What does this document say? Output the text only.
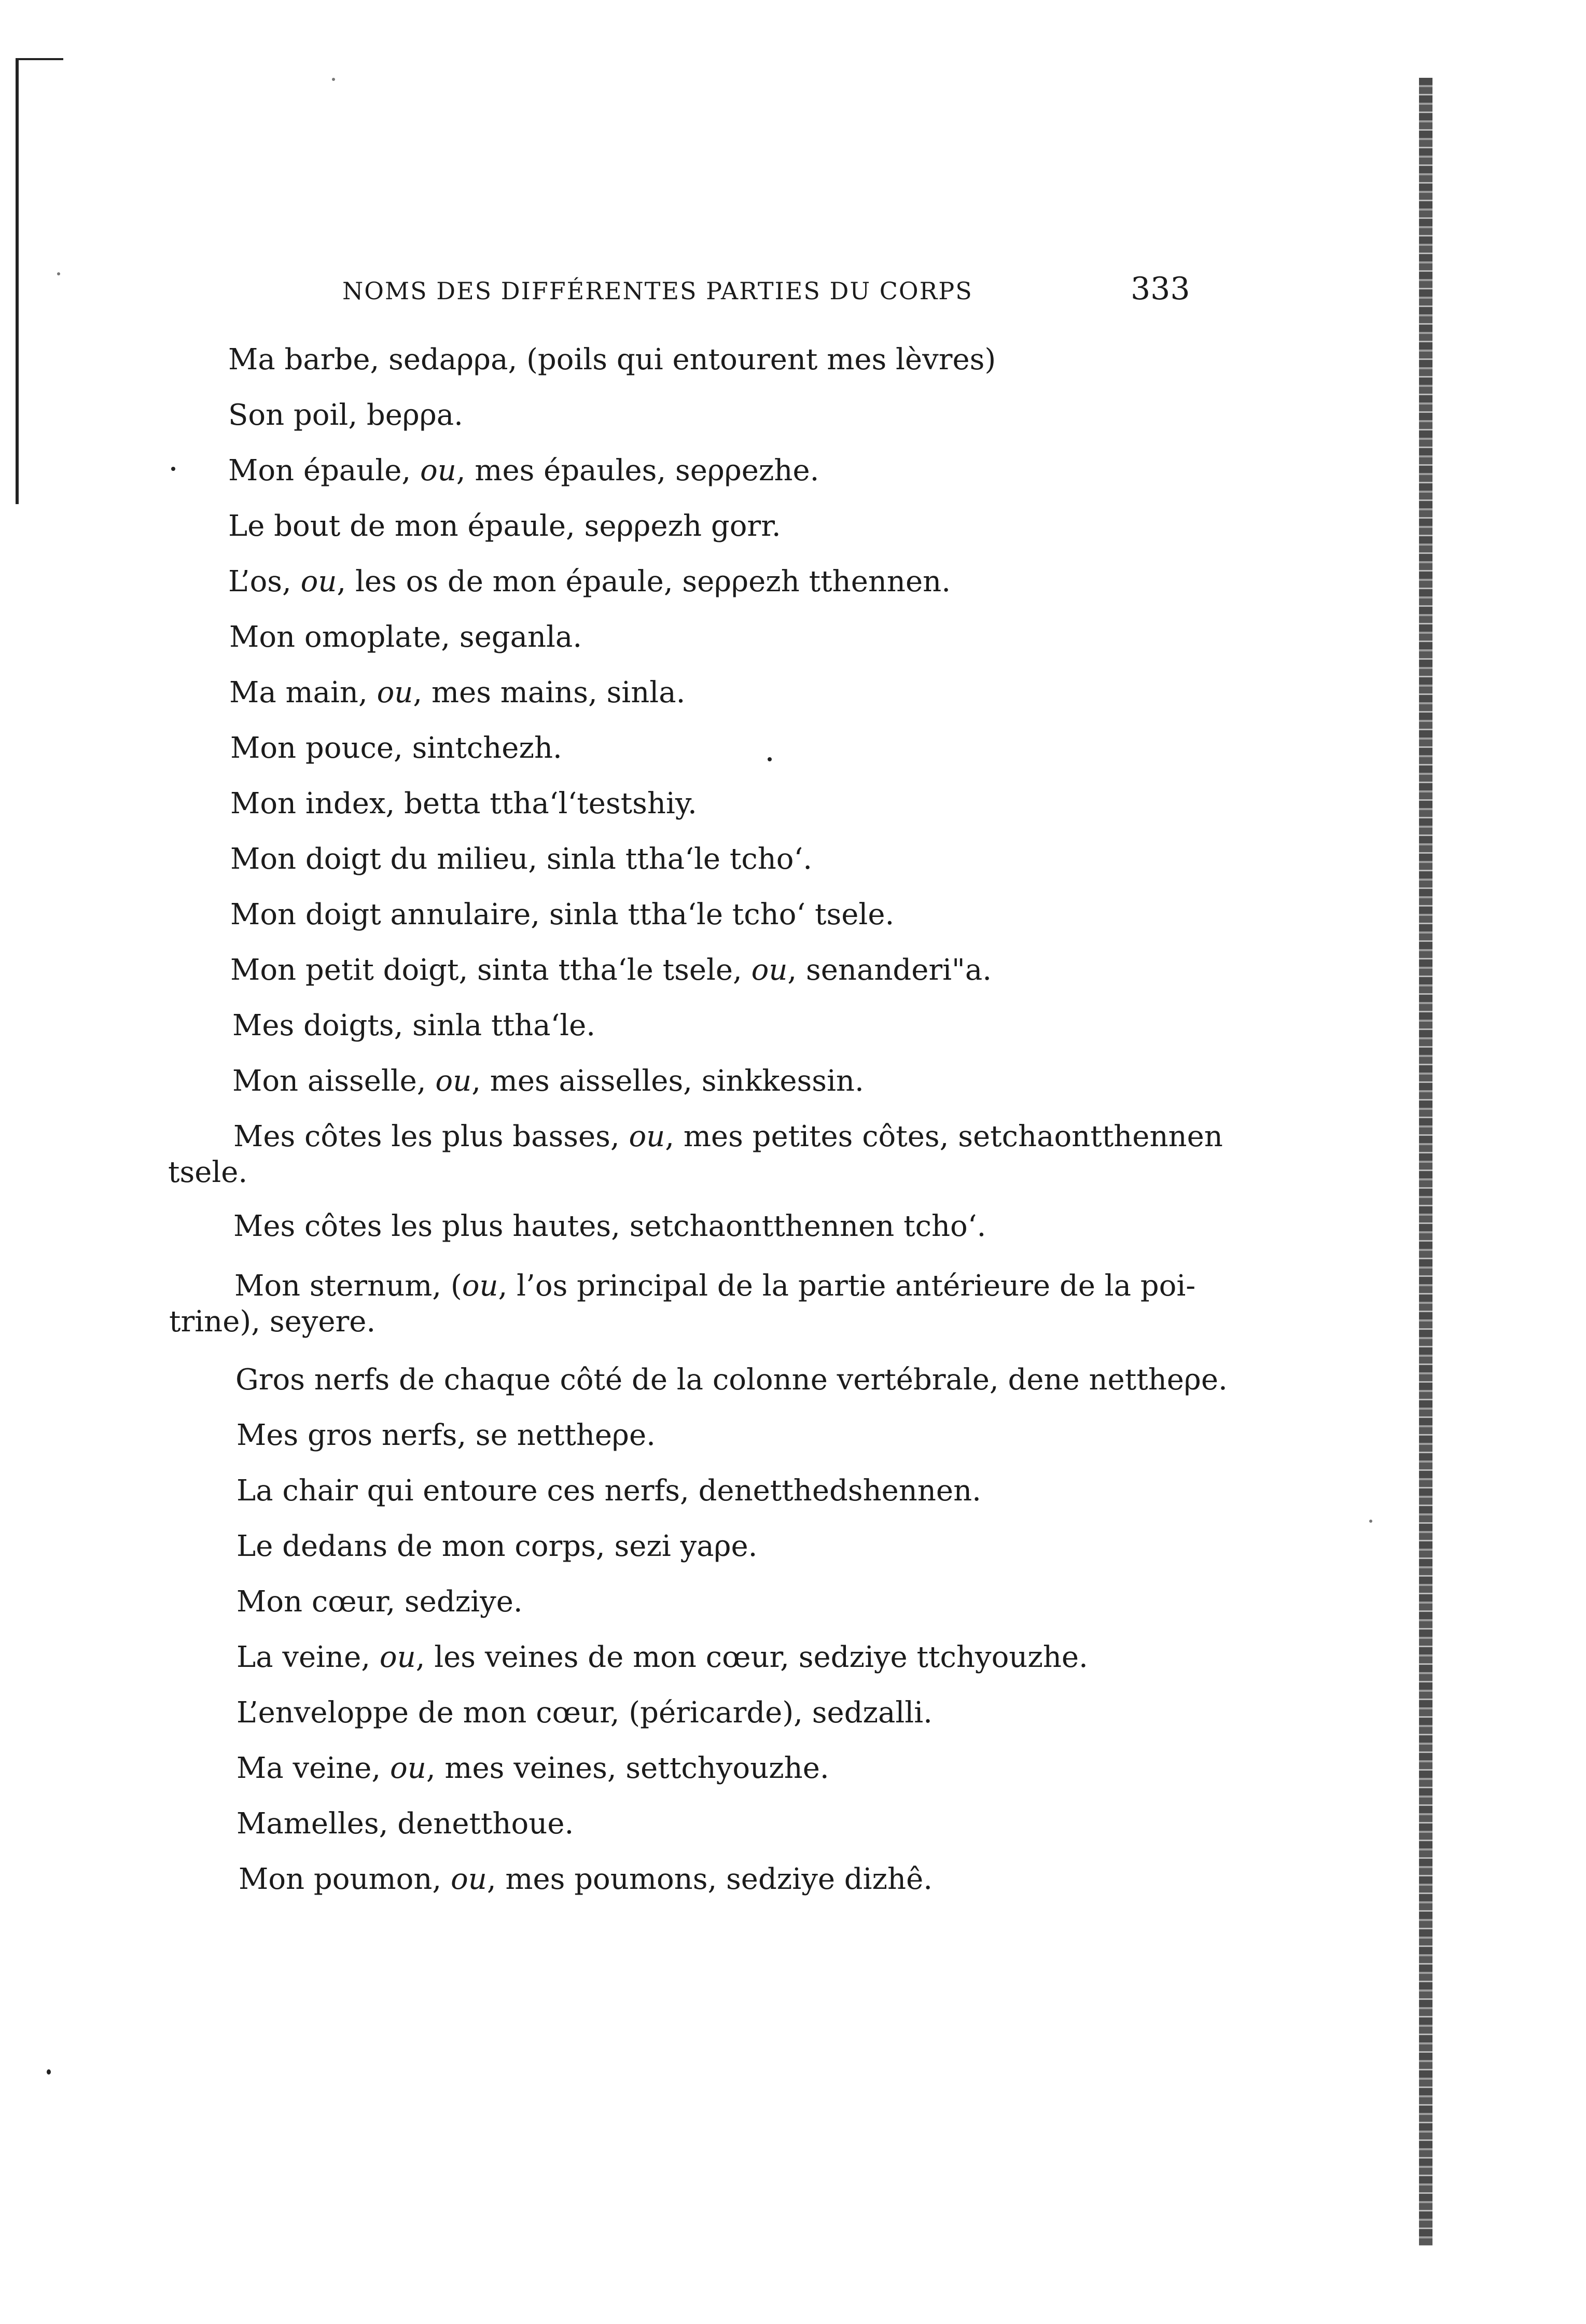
NOMS DES DIFFÉRENTES PARTIES DU CORPS	333
Ma barbe, sedaρρa, (poils qui entourent mes lèvres)
Son poil, beρρa.
Mon épaule, ou, mes épaules, seρρezhe.
Le bout de mon épaule, seρρezh gorr.
L’os, ou, les os de mon épaule, seρρezh tthennen.
Mon omoplate, seganla.
Ma main, ou, mes mains, sinla.
Mon pouce, sintchezh.
Mon index, betta ttha‘l‘testshiy.
Mon doigt du milieu, sinla ttha‘le tcho‘.
Mon doigt annulaire, sinla ttha‘le tcho‘ tsele.
Mon petit doigt, sinta ttha‘le tsele, ou, senanderi"a.
Mes doigts, sinla ttha‘le.
Mon aisselle, ou, mes aisselles, sinkkessin.
Mes côtes les plus basses, ou, mes petites côtes, setchaontthennen
tsele.
Mes côtes les plus hautes, setchaontthennen tcho‘.
Mon sternum, (ou, l’os principal de la partie antérieure de la poi-
trine), seyere.
Gros nerfs de chaque côté de la colonne vertébrale, dene nettheρe.
Mes gros nerfs, se nettheρe.
La chair qui entoure ces nerfs, denetthedshennen.
Le dedans de mon corps, sezi yaρe.
Mon cœur, sedziye.
La veine, ou, les veines de mon cœur, sedziye ttchyouzhe.
L’enveloppe de mon cœur, (péricarde), sedzalli.
Ma veine, ou, mes veines, settchyouzhe.
Mamelles, denetthoue.
Mon poumon, ou, mes poumons, sedziye dizhê.
